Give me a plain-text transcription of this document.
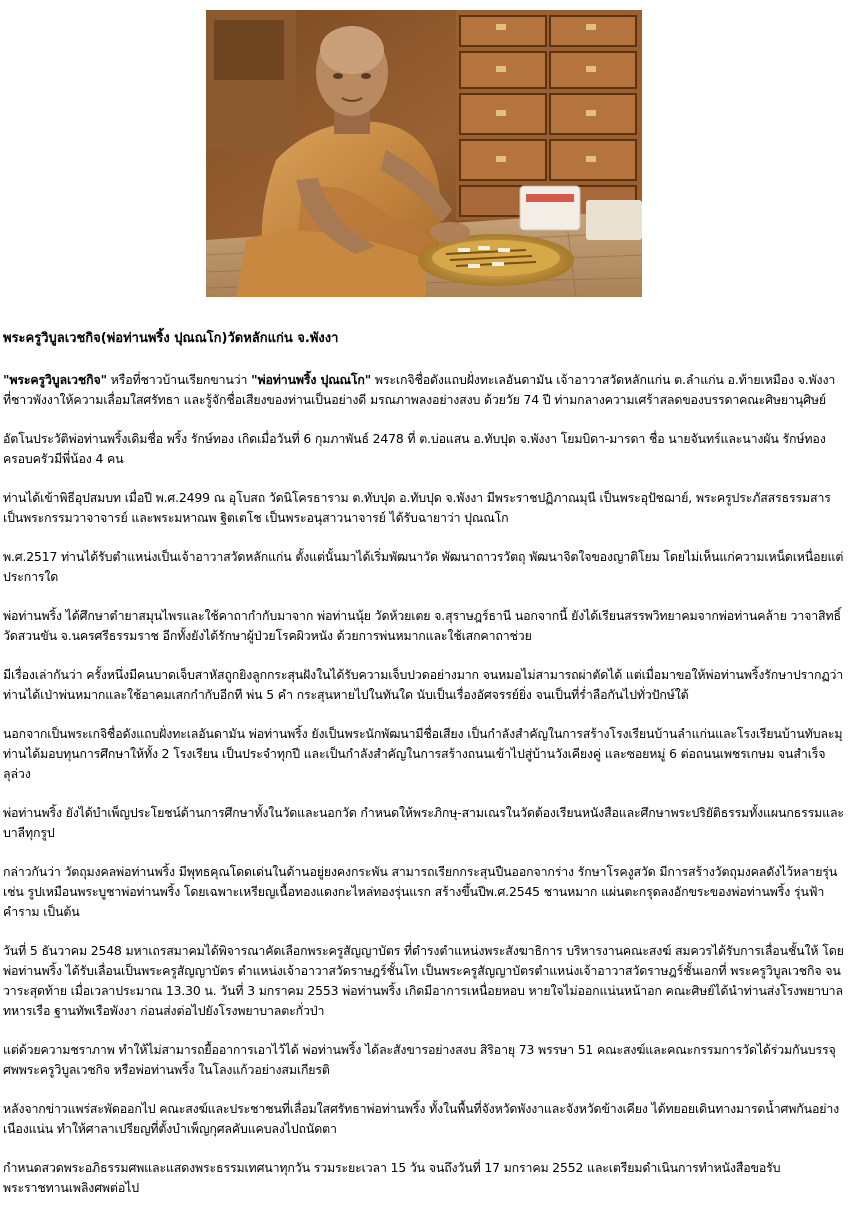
พระครูวิบูลเวชกิจ(พ่อท่านพริ้ง ปุณณโก)วัดหลักแก่น จ.พังงา

"พระครูวิบูลเวชกิจ" หรือที่ชาวบ้านเรียกขานว่า "พ่อท่านพริ้ง ปุณณโก" พระเกจิชื่อดังแถบฝั่งทะเลอันดามัน เจ้าอาวาสวัดหลักแก่น ต.ลำแก่น อ.ท้ายเหมือง จ.พังงา ที่ชาวพังงาให้ความเลื่อมใสศรัทธา และรู้จักชื่อเสียงของท่านเป็นอย่างดี มรณภาพลงอย่างสงบ ด้วยวัย 74 ปี ท่ามกลางความเศร้าสลดของบรรดาคณะศิษยานุศิษย์

อัตโนประวัติพ่อท่านพริ้งเดิมชื่อ พริ้ง รักษ์ทอง เกิดเมื่อวันที่ 6 กุมภาพันธ์ 2478 ที่ ต.บ่อแสน อ.ทับปุด จ.พังงา โยมบิดา-มารดา ชื่อ นายจันทร์และนางผัน รักษ์ทอง ครอบครัวมีพี่น้อง 4 คน

ท่านได้เข้าพิธีอุปสมบท เมื่อปี พ.ศ.2499 ณ อุโบสถ วัดนิโครธาราม ต.ทับปุด อ.ทับปุด จ.พังงา มีพระราชปฏิภาณมุนี เป็นพระอุปัชฌาย์, พระครูประภัสสรธรรมสาร เป็นพระกรรมวาจาจารย์ และพระมหาณพ ฐิตเตโช เป็นพระอนุสาวนาจารย์ ได้รับฉายาว่า ปุณณโก

พ.ศ.2517 ท่านได้รับตำแหน่งเป็นเจ้าอาวาสวัดหลักแก่น ตั้งแต่นั้นมาได้เริ่มพัฒนาวัด พัฒนาถาวรวัตถุ พัฒนาจิตใจของญาติโยม โดยไม่เห็นแก่ความเหน็ดเหนื่อยแต่ประการใด

พ่อท่านพริ้ง ได้ศึกษาตำยาสมุนไพรและใช้คาถากำกับมาจาก พ่อท่านนุ้ย วัดห้วยเตย จ.สุราษฎร์ธานี นอกจากนี้ ยังได้เรียนสรรพวิทยาคมจากพ่อท่านคล้าย วาจาสิทธิ์ วัดสวนขัน จ.นครศรีธรรมราช อีกทั้งยังได้รักษาผู้ป่วยโรคผิวหนัง ด้วยการพ่นหมากและใช้เสกคาถาช่วย

มีเรื่องเล่ากันว่า ครั้งหนึ่งมีคนบาดเจ็บสาหัสถูกยิงลูกกระสุนฝังในได้รับความเจ็บปวดอย่างมาก จนหมอไม่สามารถผ่าตัดได้ แต่เมื่อมาขอให้พ่อท่านพริ้งรักษาปรากฏว่า ท่านได้เป่าพ่นหมากและใช้อาคมเสกกำกับอีกที พ่น 5 คำ กระสุนหายไปในทันใด นับเป็นเรื่องอัศจรรย์ยิ่ง จนเป็นที่ร่ำลือกันไปทั่วปักษ์ใต้

นอกจากเป็นพระเกจิชื่อดังแถบฝั่งทะเลอันดามัน พ่อท่านพริ้ง ยังเป็นพระนักพัฒนามีชื่อเสียง เป็นกำลังสำคัญในการสร้างโรงเรียนบ้านลำแก่นและโรงเรียนบ้านทับละมุ ท่านได้มอบทุนการศึกษาให้ทั้ง 2 โรงเรียน เป็นประจำทุกปี และเป็นกำลังสำคัญในการสร้างถนนเข้าไปสู่บ้านวังเคียงคู่ และซอยหมู่ 6 ต่อถนนเพชรเกษม จนสำเร็จลุล่วง

พ่อท่านพริ้ง ยังได้บำเพ็ญประโยชน์ด้านการศึกษาทั้งในวัดและนอกวัด กำหนดให้พระภิกษุ-สามเณรในวัดต้องเรียนหนังสือและศึกษาพระปริยัติธรรมทั้งแผนกธรรมและบาลีทุกรูป

กล่าวกันว่า วัตถุมงคลพ่อท่านพริ้ง มีพุทธคุณโดดเด่นในด้านอยู่ยงคงกระพัน สามารถเรียกกระสุนปืนออกจากร่าง รักษาโรคงูสวัด มีการสร้างวัตถุมงคลดังไว้หลายรุ่น เช่น รูปเหมือนพระบูชาพ่อท่านพริ้ง โดยเฉพาะเหรียญเนื้อทองแดงกะไหล่ทองรุ่นแรก สร้างขึ้นปีพ.ศ.2545 ชานหมาก แผ่นตะกรุดลงอักขระของพ่อท่านพริ้ง รุ่นฟ้าคำราม เป็นต้น

วันที่ 5 ธันวาคม 2548 มหาเถรสมาคมได้พิจารณาคัดเลือกพระครูสัญญาบัตร ที่ดำรงตำแหน่งพระสังฆาธิการ บริหารงานคณะสงฆ์ สมควรได้รับการเลื่อนชั้นให้ โดยพ่อท่านพริ้ง ได้รับเลื่อนเป็นพระครูสัญญาบัตร ตำแหน่งเจ้าอาวาสวัดราษฎร์ชั้นโท เป็นพระครูสัญญาบัตรตำแหน่งเจ้าอาวาสวัดราษฎร์ชั้นเอกที่ พระครูวิบูลเวชกิจ จนวาระสุดท้าย เมื่อเวลาประมาณ 13.30 น. วันที่ 3 มกราคม 2553 พ่อท่านพริ้ง เกิดมีอาการเหนื่อยหอบ หายใจไม่ออกแน่นหน้าอก คณะศิษย์ได้นำท่านส่งโรงพยาบาลทหารเรือ ฐานทัพเรือพังงา ก่อนส่งต่อไปยังโรงพยาบาลตะกั่วป่า

แต่ด้วยความชราภาพ ทำให้ไม่สามารถยื้ออาการเอาไว้ได้ พ่อท่านพริ้ง ได้ละสังขารอย่างสงบ สิริอายุ 73 พรรษา 51 คณะสงฆ์และคณะกรรมการวัดได้ร่วมกันบรรจุศพพระครูวิบูลเวชกิจ หรือพ่อท่านพริ้ง ในโลงแก้วอย่างสมเกียรติ

หลังจากข่าวแพร่สะพัดออกไป คณะสงฆ์และประชาชนที่เลื่อมใสศรัทธาพ่อท่านพริ้ง ทั้งในพื้นที่จังหวัดพังงาและจังหวัดข้างเคียง ได้ทยอยเดินทางมารดน้ำศพกันอย่างเนืองแน่น ทำให้ศาลาเปรียญที่ตั้งบำเพ็ญกุศลคับแคบลงไปถนัดตา

กำหนดสวดพระอภิธรรมศพและแสดงพระธรรมเทศนาทุกวัน รวมระยะเวลา 15 วัน จนถึงวันที่ 17 มกราคม 2552 และเตรียมดำเนินการทำหนังสือขอรับพระราชทานเพลิงศพต่อไป
